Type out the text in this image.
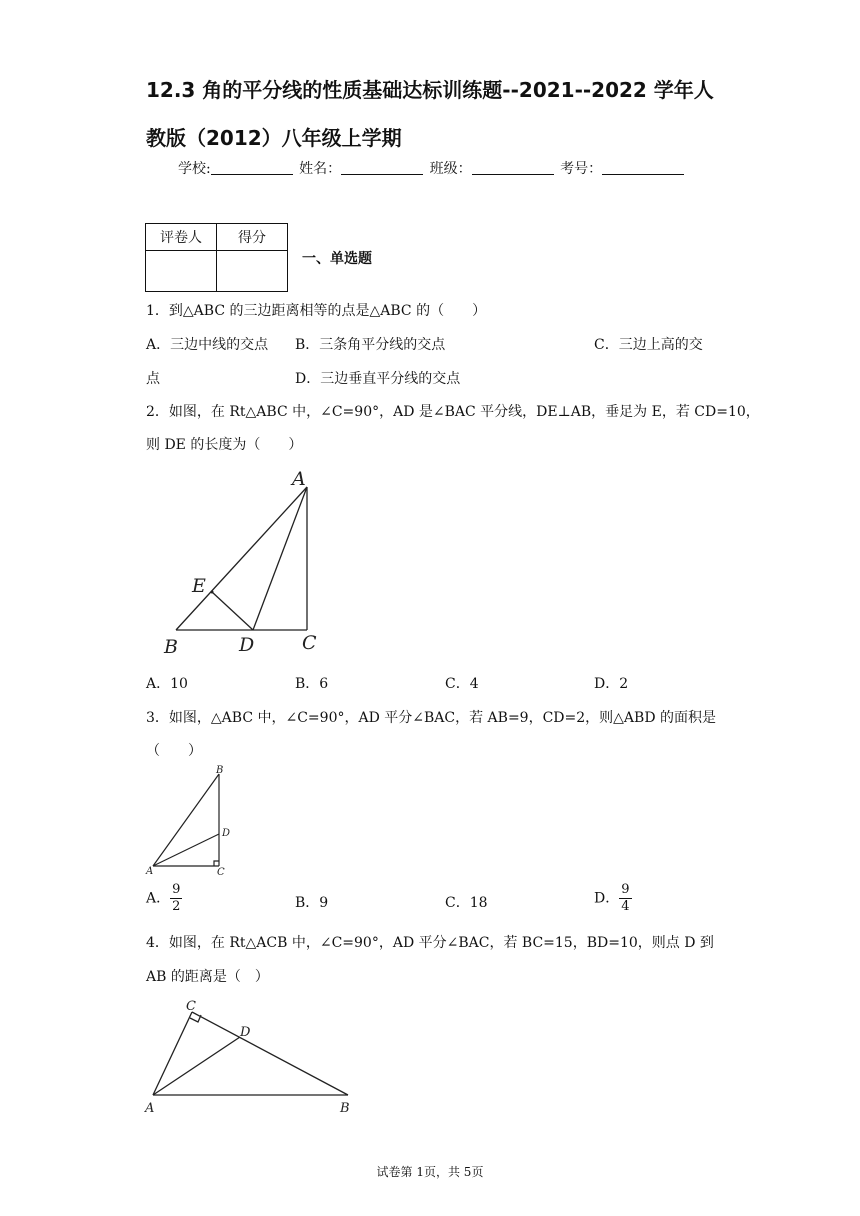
12.3 角的平分线的性质基础达标训练题--2021--2022 学年人
教版（2012）八年级上学期
学校:	姓名：	班级：	考号：
评卷人	得分

一、单选题
1．到△ABC 的三边距离相等的点是△ABC 的（　　）
A．三边中线的交点 B．三条角平分线的交点	C．三边上高的交
点	D．三边垂直平分线的交点
2．如图，在 Rt△ABC 中，∠C=90°，AD 是∠BAC 平分线，DE⊥AB，垂足为 E，若 CD=10，
则 DE 的长度为（　　）
A
E
B	D	C
A．10	B．6	C．4	D．2
3．如图，△ABC 中，∠C=90°，AD 平分∠BAC，若 AB=9，CD=2，则△ABD 的面积是
（　　）
B
D
A	C
A． $\frac{9}{2}$	B．9	C．18	D． $\frac{9}{4}$
4．如图，在 Rt△ACB 中，∠C=90°，AD 平分∠BAC，若 BC=15，BD=10，则点 D 到
AB 的距离是（　）
C
D
A	B
试卷第 1页，共 5页
